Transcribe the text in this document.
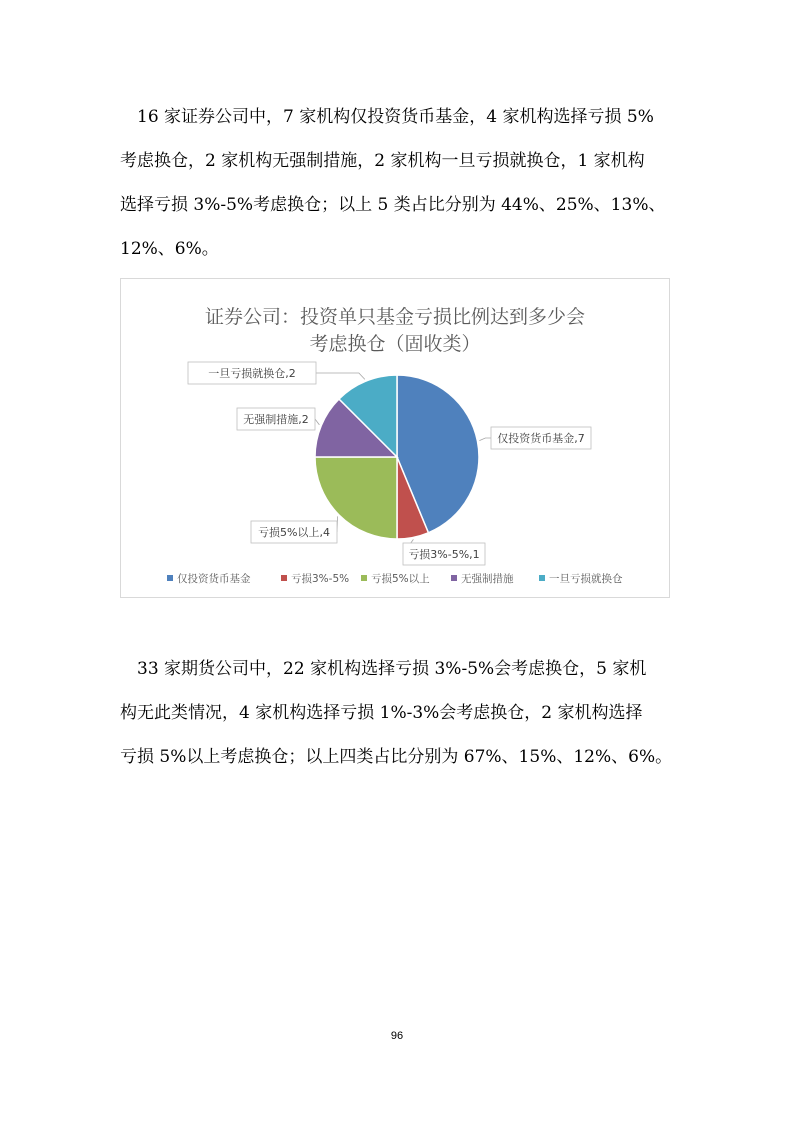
　16 家证券公司中，7 家机构仅投资货币基金，4 家机构选择亏损 5%
考虑换仓，2 家机构无强制措施，2 家机构一旦亏损就换仓，1 家机构
选择亏损 3%-5%考虑换仓；以上 5 类占比分别为 44%、25%、13%、
12%、6%。
证券公司：投资单只基金亏损比例达到多少会
考虑换仓（固收类）
仅投资货币基金,7
亏损3%-5%,1
亏损5%以上,4
无强制措施,2
一旦亏损就换仓,2
仅投资货币基金	亏损3%-5% 亏损5%以上	无强制措施	一旦亏损就换仓
　33 家期货公司中，22 家机构选择亏损 3%-5%会考虑换仓，5 家机
构无此类情况，4 家机构选择亏损 1%-3%会考虑换仓，2 家机构选择
亏损 5%以上考虑换仓；以上四类占比分别为 67%、15%、12%、6%。
96
